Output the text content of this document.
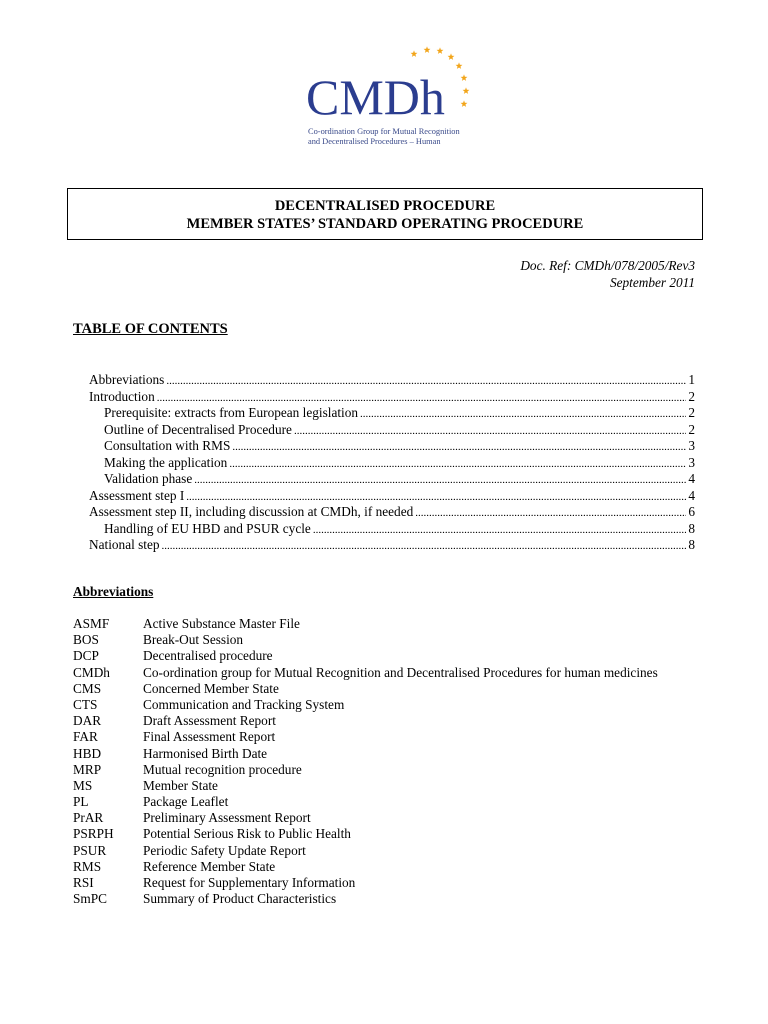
CMDh
Co-ordination Group for Mutual Recognition
and Decentralised Procedures – Human
DECENTRALISED PROCEDURE
MEMBER STATES’ STANDARD OPERATING PROCEDURE
Doc. Ref: CMDh/078/2005/Rev3
September 2011
TABLE OF CONTENTS
Abbreviations .....	1
Introduction .....	2
Prerequisite: extracts from European legislation .....	2
Outline of Decentralised Procedure .....	2
Consultation with RMS .....	3
Making the application .....	3
Validation phase .....	4
Assessment step I .....	4
Assessment step II, including discussion at CMDh, if needed .....	6
Handling of EU HBD and PSUR cycle .....	8
National step .....	8
Abbreviations
ASMF	Active Substance Master File
BOS	Break-Out Session
DCP	Decentralised procedure
CMDh Co-ordination group for Mutual Recognition and Decentralised Procedures for human medicines
CMS	Concerned Member State
CTS	Communication and Tracking System
DAR	Draft Assessment Report
FAR	Final Assessment Report
HBD	Harmonised Birth Date
MRP	Mutual recognition procedure
MS	Member State
PL	Package Leaflet
PrAR	Preliminary Assessment Report
PSRPH Potential Serious Risk to Public Health
PSUR	Periodic Safety Update Report
RMS	Reference Member State
RSI	Request for Supplementary Information
SmPC	Summary of Product Characteristics
